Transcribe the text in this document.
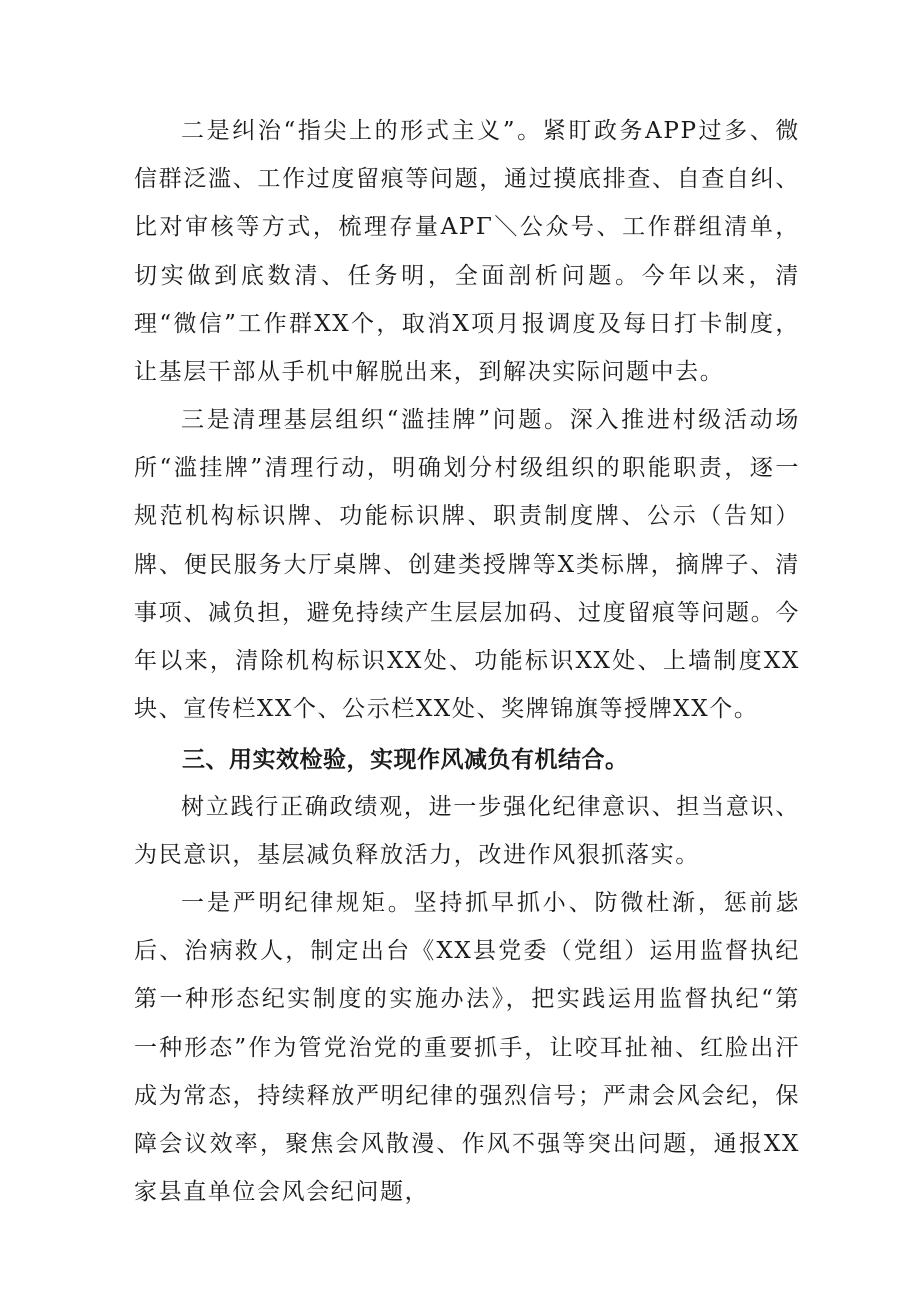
二是纠治“指尖上的形式主义”。紧盯政务APP过多、微信群泛滥、工作过度留痕等问题，通过摸底排查、自查自纠、比对审核等方式，梳理存量APΓ＼公众号、工作群组清单，切实做到底数清、任务明，全面剖析问题。今年以来，清理“微信”工作群XX个，取消X项月报调度及每日打卡制度，让基层干部从手机中解脱出来，到解决实际问题中去。

三是清理基层组织“滥挂牌”问题。深入推进村级活动场所“滥挂牌”清理行动，明确划分村级组织的职能职责，逐一规范机构标识牌、功能标识牌、职责制度牌、公示（告知）牌、便民服务大厅桌牌、创建类授牌等X类标牌，摘牌子、清事项、减负担，避免持续产生层层加码、过度留痕等问题。今年以来，清除机构标识XX处、功能标识XX处、上墙制度XX块、宣传栏XX个、公示栏XX处、奖牌锦旗等授牌XX个。

三、用实效检验，实现作风减负有机结合。

树立践行正确政绩观，进一步强化纪律意识、担当意识、为民意识，基层减负释放活力，改进作风狠抓落实。

一是严明纪律规矩。坚持抓早抓小、防微杜渐，惩前毖后、治病救人，制定出台《XX县党委（党组）运用监督执纪第一种形态纪实制度的实施办法》，把实践运用监督执纪“第一种形态”作为管党治党的重要抓手，让咬耳扯袖、红脸出汗成为常态，持续释放严明纪律的强烈信号；严肃会风会纪，保障会议效率，聚焦会风散漫、作风不强等突出问题，通报XX家县直单位会风会纪问题，
